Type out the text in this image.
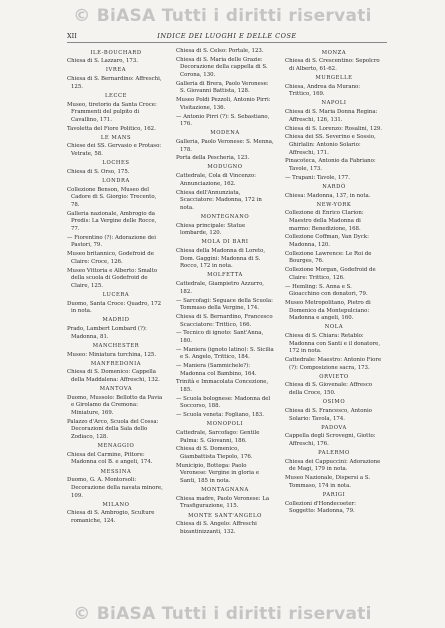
© BiASA Tutti i diritti riservati
XII	INDICE DEI LUOGHI E DELLE COSE

ILE-BOUCHARD

Chiesa di S. Lazzaro, 173.

IVREA

Chiesa di S. Bernardino: Affreschi, 125.

LECCE

Museo, tiretorio da Santa Croce: Frammenti del pulpito di Cavallino, 171.

Tavoletta del Fiore Politico, 162.

LE MANS

Chiese dei SS. Gervasio e Protaso: Vetrate, 58.

LOCHES

Chiesa di S. Orso, 175.

LONDRA

Collezione Benson, Museo del Cadore di S. Giorgio: Trecento, 78.

Galleria nazionale, Ambrogio da Predis: La Vergine delle Rocce, 77.

— Fiorentino (?): Adorazione dei Pastori, 79.

Museo britannico, Godefroid de Claire: Croce, 126.

Museo Vittoria e Alberto: Smalto della scuola di Godefroid de Claire, 125.

LUCERA

Duomo, Santa Croce: Quadro, 172 in nota.

MADRID

Prado, Lambert Lombard (?): Madonna, 81.

MANCHESTER

Museo: Miniatura turchina, 125.

MANFREDONIA

Chiesa di S. Domenico: Cappella della Maddalena: Affreschi, 132.

MANTOVA

Duomo, Mussolo: Bellotto da Pavia e Girolamo da Cremona: Miniature, 169.

Palazzo d'Arco, Scuola del Cossa: Decorazioni della Sala dello Zodiaco, 128.

MENAGGIO

Chiesa del Carmine, Pittore: Madonna col B. e angeli, 174.

MESSINA

Duomo, G. A. Montorsoli: Decorazione della navata minore, 109.

MILANO

Chiesa di S. Ambrogio, Sculture romaniche, 124.

Chiesa di S. Celso: Portale, 123.

Chiesa di S. Maria delle Grazie: Decorazione della cappella di S. Corona, 130.

Galleria di Brera, Paolo Veronese: S. Giovanni Battista, 128.

Museo Poldi Pezzoli, Antonio Pirri: Visitazione, 136.

— Antonio Pirri (?): S. Sebastiano, 176.

MODENA

Galleria, Paolo Veronese: S. Menna, 178.

Porta della Pescheria, 123.

MODUGNO

Cattedrale, Cola di Vincenzo: Annunciazione, 162.

Chiesa dell'Annunziata, Scacciatore: Madonna, 172 in nota.

MONTEGNANO

Chiesa principale: Statue lombarde, 120.

MOLA DI BARI

Chiesa della Madonna di Loreto, Dom. Gaggini: Madonna di S. Rocco, 172 in nota.

MOLFETTA

Cattedrale, Giampietro Azzurro, 182.

— Sarcofagi: Seguace della Scuola: Tommaso della Vergine, 174.

Chiesa di S. Bernardino, Francesco Scacciatore: Trittico, 166.

— Tecnico di ignoto: Sant'Anna, 180.

— Maniera (ignoto latino): S. Sicilia e S. Angelo, Trittico, 184.

— Maniera (Sammichele?): Madonna col Bambino, 164.

Trinità e Immacolata Concezione, 185.

— Scuola bolognese: Madonna del Soccorso, 188.

— Scuola veneta: Fogliano, 183.

MONOPOLI

Cattedrale, Sarcofago: Gentile Palma: S. Giovanni, 186.

Chiesa di S. Domenico, Giambattista Tiepolo, 176.

Municipio, Bottega: Paolo Veronese: Vergine in gloria e Santi, 185 in nota.

MONTAGNANA

Chiesa madre, Paolo Veronese: La Trasfigurazione, 115.

MONTE SANT'ANGELO

Chiesa di S. Angelo: Affreschi bizantinizzanti, 132.

MONZA

Chiesa di S. Crescentino: Sepolcro di Alberto, 61-62.

MURGELLE

Chiesa, Andrea da Murano: Trittico, 169.

NAPOLI

Chiesa di S. Maria Donna Regina: Affreschi, 126, 131.

Chiesa di S. Lorenzo: Rosalini, 129.

Chiesa dei SS. Severino e Sossio, Ghirlalin: Antonio Solario: Affreschi, 171.

Pinacoteca, Antonio da Fabriano: Tavole, 173.

— Trapani: Tavole, 177.

NARDÒ

Chiesa: Madonna, 137, in nota.

NEW-YORK

Collezione di Enrico Clarion: Maestro della Madonna di marmo: Benedizione, 168.

Collezione Coffman, Van Dyck: Madonna, 120.

Collezione Lawrence: Le Roi de Bourges, 76.

Collezione Morgan, Godefroid de Claire: Trittico, 126.

— Hemling: S. Anna e S. Gioacchino con donatori, 79.

Museo Metropolitano, Pietro di Domenico da Montepulciano: Madonna e angeli, 160.

NOLA

Chiesa di S. Chiara: Retablo: Madonna con Santi e il donatore, 172 in nota.

Cattedrale: Maestro: Antonio Fiore (?): Composizione sacra, 173.

ORVIETO

Chiesa di S. Giovenale: Affresco della Croce, 150.

OSIMO

Chiesa di S. Francesco, Antonio Solario: Tavola, 174.

PADOVA

Cappella degli Scrovegni, Giotto: Affreschi, 176.

PALERMO

Chiesa dei Cappuccini: Adorazione de Magi, 179 in nota.

Museo Nazionale, Dispersi a S. Tommaso, 174 in nota.

PARIGI

Collezioni d'Hondecoeter: Soggetto: Madonna, 79.

© BiASA Tutti i diritti riservati
